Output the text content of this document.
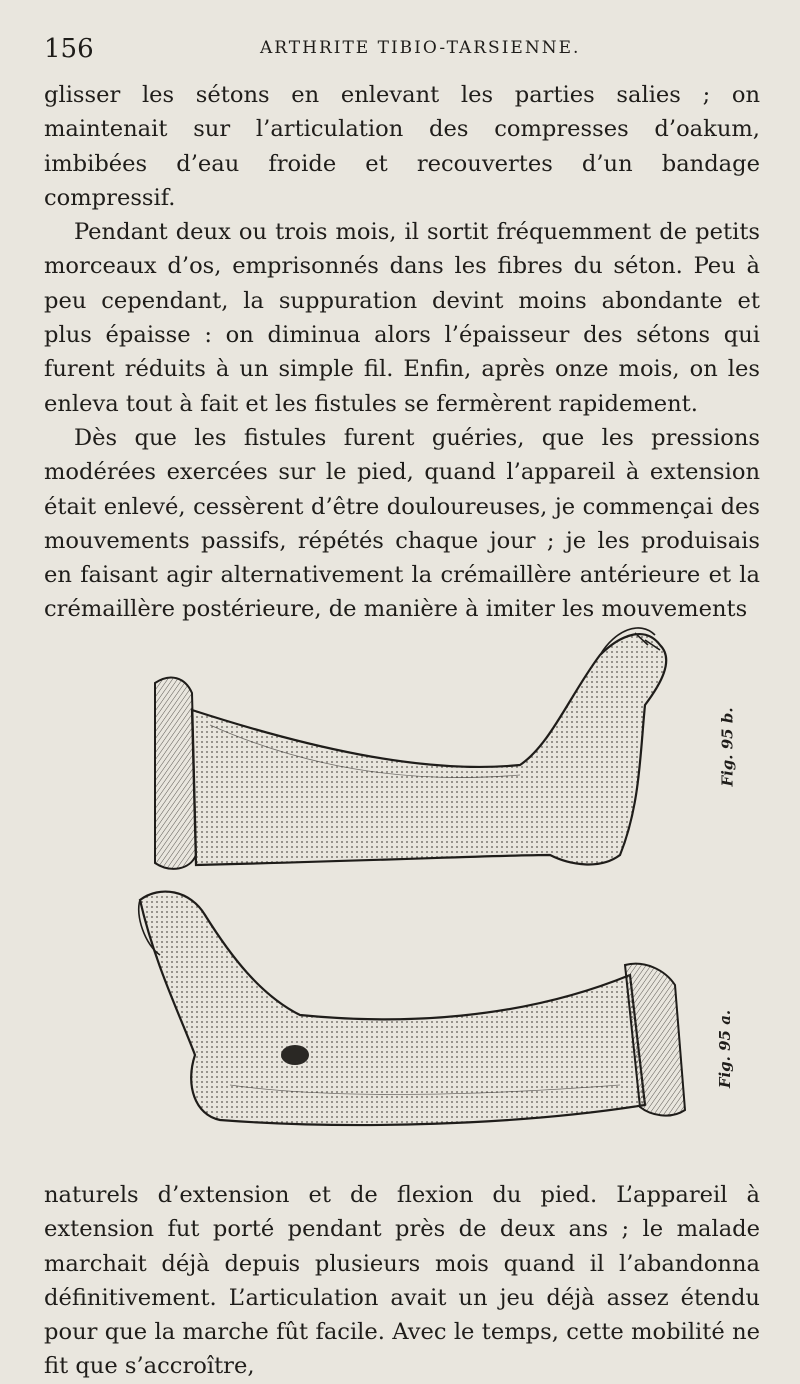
156	ARTHRITE TIBIO-TARSIENNE.

glisser les sétons en enlevant les parties salies ; on maintenait sur l’articulation des compresses d’oakum, imbibées d’eau froide et recouvertes d’un bandage compressif.

Pendant deux ou trois mois, il sortit fréquemment de petits morceaux d’os, emprisonnés dans les fibres du séton. Peu à peu cependant, la suppuration devint moins abondante et plus épaisse : on diminua alors l’épaisseur des sétons qui furent réduits à un simple fil. Enfin, après onze mois, on les enleva tout à fait et les fistules se fermèrent rapidement.

Dès que les fistules furent guéries, que les pressions modérées exercées sur le pied, quand l’appareil à extension était enlevé, cessèrent d’être douloureuses, je commençai des mouvements passifs, répétés chaque jour ; je les produisais en faisant agir alternativement la crémaillère antérieure et la crémaillère postérieure, de manière à imiter les mouvements

Fig. 95 b.
Fig. 95 a.

naturels d’extension et de flexion du pied. L’appareil à extension fut porté pendant près de deux ans ; le malade marchait déjà depuis plusieurs mois quand il l’abandonna définitivement. L’articulation avait un jeu déjà assez étendu pour que la marche fût facile. Avec le temps, cette mobilité ne fit que s’accroître,
